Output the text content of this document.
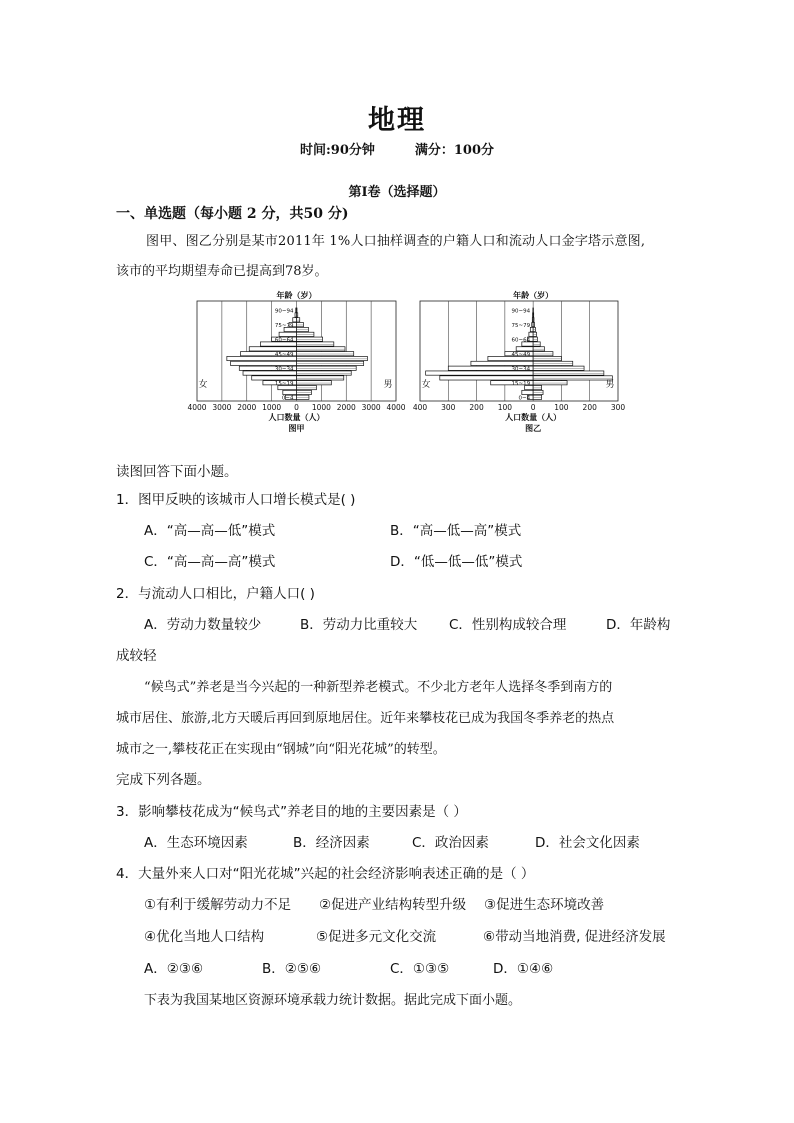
地理
时间:90分钟	满分：100分
第Ⅰ卷（选择题）
一、单选题（每小题 2 分，共50 分)
图甲、图乙分别是某市2011年 1%人口抽样调查的户籍人口和流动人口金字塔示意图,
该市的平均期望寿命已提高到78岁。
0~4
15~19
30~34
45~49
60~64
75~79
90~94
年龄（岁）
女	男
4000 3000 2000 1000 0 1000 2000 3000 4000
人口数量（人）
图甲
0~4
15~19
30~34
45~49
60~64
75~79
90~94
年龄（岁）
女	男
400 300 200 100 0 100 200 300
人口数量（人）
图乙
读图回答下面小题。
1．图甲反映的该城市人口增长模式是( )
A．“高—高—低”模式	B．“高—低—高”模式
C．“高—高—高”模式	D．“低—低—低”模式
2．与流动人口相比，户籍人口( )
A．劳动力数量较少	B．劳动力比重较大 C．性别构成较合理	D．年龄构
成较轻
“候鸟式”养老是当今兴起的一种新型养老模式。不少北方老年人选择冬季到南方的
城市居住、旅游,北方天暖后再回到原地居住。近年来攀枝花已成为我国冬季养老的热点
城市之一,攀枝花正在实现由“钢城”向“阳光花城”的转型。
完成下列各题。
3．影响攀枝花成为“候鸟式”养老目的地的主要因素是（ ）
A．生态环境因素	B．经济因素	C．政治因素	D．社会文化因素
4．大量外来人口对“阳光花城”兴起的社会经济影响表述正确的是（ ）
①有利于缓解劳动力不足 ②促进产业结构转型升级 ③促进生态环境改善
④优化当地人口结构	⑤促进多元文化交流	⑥带动当地消费, 促进经济发展
A．②③⑥	B．②⑤⑥	C．①③⑤	D．①④⑥
下表为我国某地区资源环境承载力统计数据。据此完成下面小题。
